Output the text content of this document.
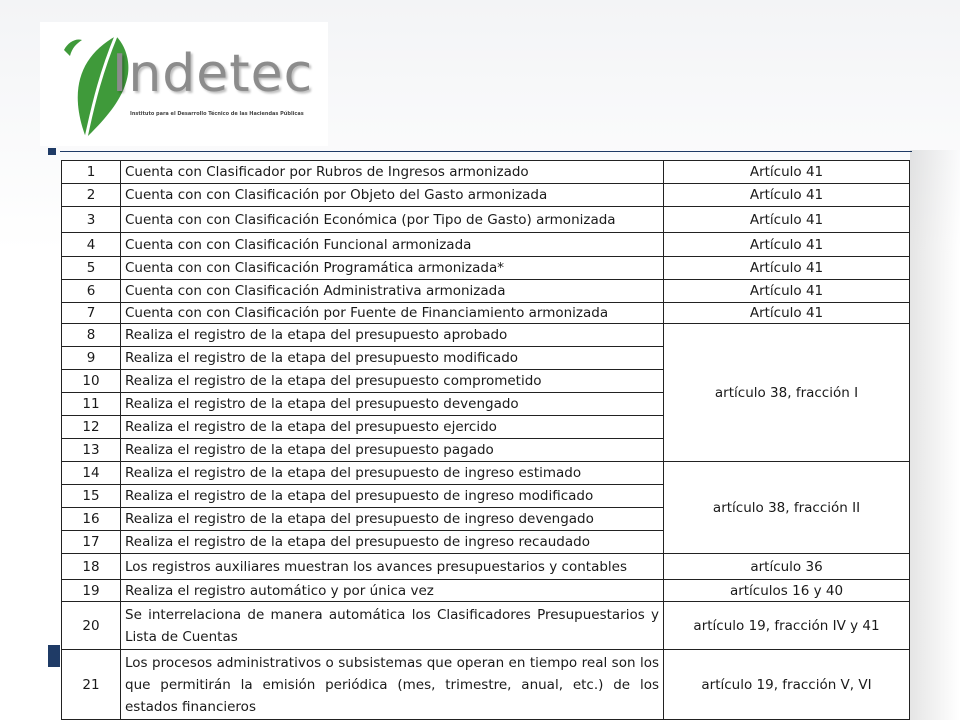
Indetec
Instituto para el Desarrollo Técnico de las Haciendas Públicas
1	Cuenta con Clasificador por Rubros de Ingresos armonizado	Artículo 41
2	Cuenta con con Clasificación por Objeto del Gasto armonizada	Artículo 41
3	Cuenta con con Clasificación Económica (por Tipo de Gasto) armonizada	Artículo 41
4	Cuenta con con Clasificación Funcional armonizada	Artículo 41
5	Cuenta con con Clasificación Programática armonizada*	Artículo 41
6	Cuenta con con Clasificación Administrativa armonizada	Artículo 41
7	Cuenta con con Clasificación por Fuente de Financiamiento armonizada	Artículo 41
8	Realiza el registro de la etapa del presupuesto aprobado	artículo 38, fracción I
9	Realiza el registro de la etapa del presupuesto modificado	
10	Realiza el registro de la etapa del presupuesto comprometido	
11	Realiza el registro de la etapa del presupuesto devengado	
12	Realiza el registro de la etapa del presupuesto ejercido	
13	Realiza el registro de la etapa del presupuesto pagado	
14	Realiza el registro de la etapa del presupuesto de ingreso estimado	artículo 38, fracción II
15	Realiza el registro de la etapa del presupuesto de ingreso modificado	
16	Realiza el registro de la etapa del presupuesto de ingreso devengado	
17	Realiza el registro de la etapa del presupuesto de ingreso recaudado	
18	Los registros auxiliares muestran los avances presupuestarios y contables	artículo 36
19	Realiza el registro automático y por única vez	artículos 16 y 40
20	Se interrelaciona de manera automática los Clasificadores Presupuestarios y Lista de Cuentas	artículo 19, fracción IV y 41
21	Los procesos administrativos o subsistemas que operan en tiempo real son los que permitirán la emisión periódica (mes, trimestre, anual, etc.) de los estados financieros	artículo 19, fracción V, VI
